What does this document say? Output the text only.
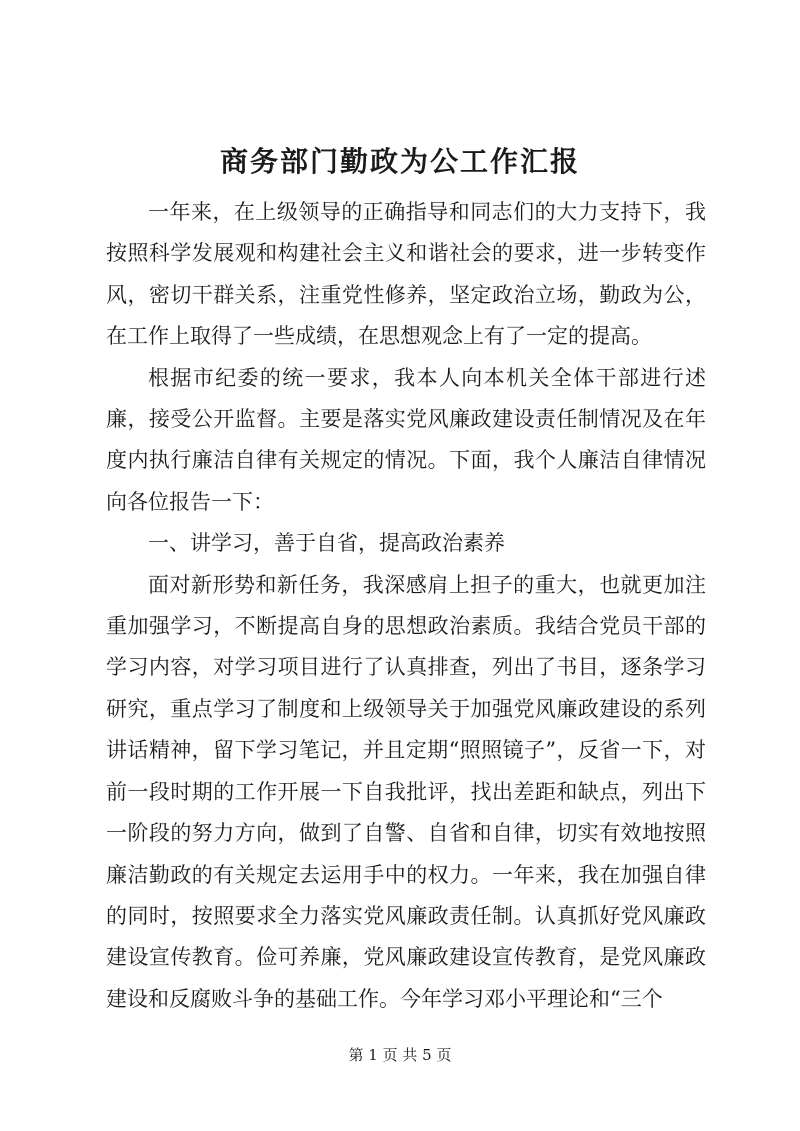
商务部门勤政为公工作汇报

一年来，在上级领导的正确指导和同志们的大力支持下，我按照科学发展观和构建社会主义和谐社会的要求，进一步转变作风，密切干群关系，注重党性修养，坚定政治立场，勤政为公，在工作上取得了一些成绩，在思想观念上有了一定的提高。

根据市纪委的统一要求，我本人向本机关全体干部进行述廉，接受公开监督。主要是落实党风廉政建设责任制情况及在年度内执行廉洁自律有关规定的情况。下面，我个人廉洁自律情况向各位报告一下：

一、讲学习，善于自省，提高政治素养

面对新形势和新任务，我深感肩上担子的重大，也就更加注重加强学习，不断提高自身的思想政治素质。我结合党员干部的学习内容，对学习项目进行了认真排查，列出了书目，逐条学习研究，重点学习了制度和上级领导关于加强党风廉政建设的系列讲话精神，留下学习笔记，并且定期“照照镜子”，反省一下，对前一段时期的工作开展一下自我批评，找出差距和缺点，列出下一阶段的努力方向，做到了自警、自省和自律，切实有效地按照廉洁勤政的有关规定去运用手中的权力。一年来，我在加强自律的同时，按照要求全力落实党风廉政责任制。认真抓好党风廉政建设宣传教育。俭可养廉，党风廉政建设宣传教育，是党风廉政建设和反腐败斗争的基础工作。今年学习邓小平理论和“三个

第 1 页 共 5 页
